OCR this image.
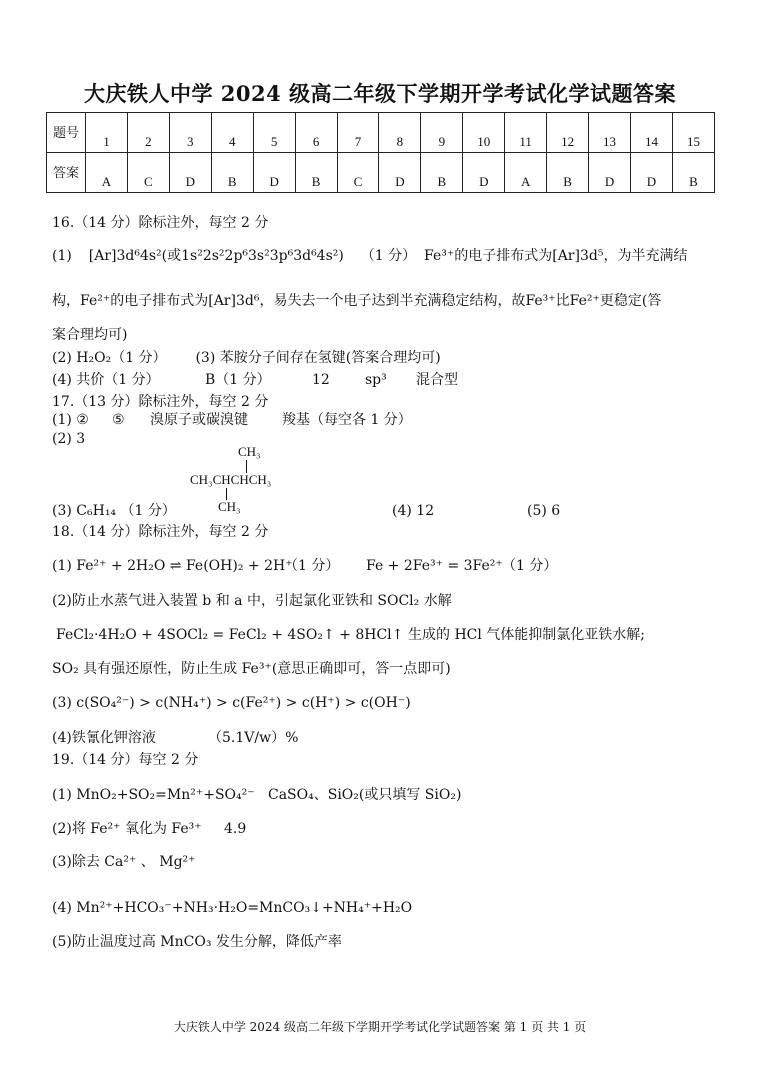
大庆铁人中学 2024 级高二年级下学期开学考试化学试题答案
题号	1	2	3	4	5	6	7	8	9	10	11	12	13	14	15
答案	A	C	D	B	D	B	C	D	B	D	A	B	D	D	B
16.（14 分）除标注外，每空 2 分
(1) [Ar]3d⁶4s²(或1s²2s²2p⁶3s²3p⁶3d⁶4s²) （1 分） Fe³⁺的电子排布式为[Ar]3d⁵，为半充满结
构，Fe²⁺的电子排布式为[Ar]3d⁶，易失去一个电子达到半充满稳定结构，故Fe³⁺比Fe²⁺更稳定(答
案合理均可)
(2) H₂O₂（1 分） (3) 苯胺分子间存在氢键(答案合理均可)
(4) 共价（1 分）	B（1 分）	12	sp³ 混合型
17.（13 分）除标注外，每空 2 分
(1) ② ⑤ 溴原子或碳溴键 羧基（每空各 1 分）
(2) 3
CH₃
CH₃CHCHCH₃
CH₃
(3) C₆H₁₄ （1 分）	(4) 12	(5) 6
18.（14 分）除标注外，每空 2 分
(1) Fe²⁺ + 2H₂O ⇌ Fe(OH)₂ + 2H⁺
（1 分） Fe + 2Fe³⁺ = 3Fe²⁺ （1 分）
(2)防止水蒸气进入装置 b 和 a 中，引起氯化亚铁和 SOCl₂ 水解
FeCl₂·4H₂O + 4SOCl₂ = FeCl₂ + 4SO₂↑ + 8HCl↑ 生成的 HCl 气体能抑制氯化亚铁水解;
SO₂ 具有强还原性，防止生成 Fe³⁺(意思正确即可，答一点即可)
(3) c(SO₄²⁻) > c(NH₄⁺) > c(Fe²⁺) > c(H⁺) > c(OH⁻)
(4)铁氰化钾溶液	（5.1V/w）%
19.（14 分）每空 2 分
(1) MnO₂+SO₂=Mn²⁺+SO₄²⁻ CaSO₄、SiO₂(或只填写 SiO₂)
(2)将 Fe²⁺ 氧化为 Fe³⁺ 4.9
(3)除去 Ca²⁺ 、 Mg²⁺
(4) Mn²⁺+HCO₃⁻+NH₃·H₂O=MnCO₃↓+NH₄⁺+H₂O
(5)防止温度过高 MnCO₃ 发生分解，降低产率
大庆铁人中学 2024 级高二年级下学期开学考试化学试题答案 第 1 页 共 1 页
